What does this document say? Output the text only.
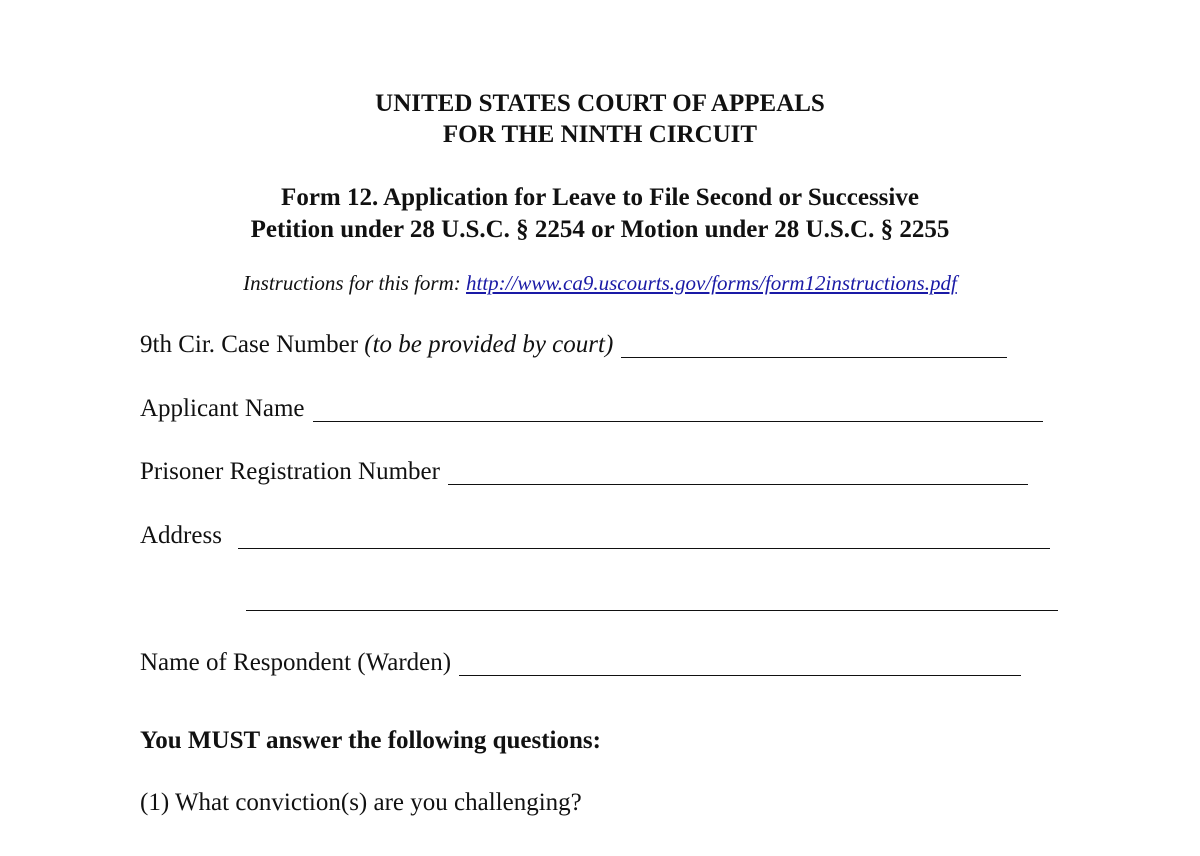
UNITED STATES COURT OF APPEALS
FOR THE NINTH CIRCUIT
Form 12. Application for Leave to File Second or Successive
Petition under 28 U.S.C. § 2254 or Motion under 28 U.S.C. § 2255
Instructions for this form: http://www.ca9.uscourts.gov/forms/form12instructions.pdf
9th Cir. Case Number (to be provided by court)
Applicant Name
Prisoner Registration Number
Address
Name of Respondent (Warden)
You MUST answer the following questions:
(1) What conviction(s) are you challenging?
